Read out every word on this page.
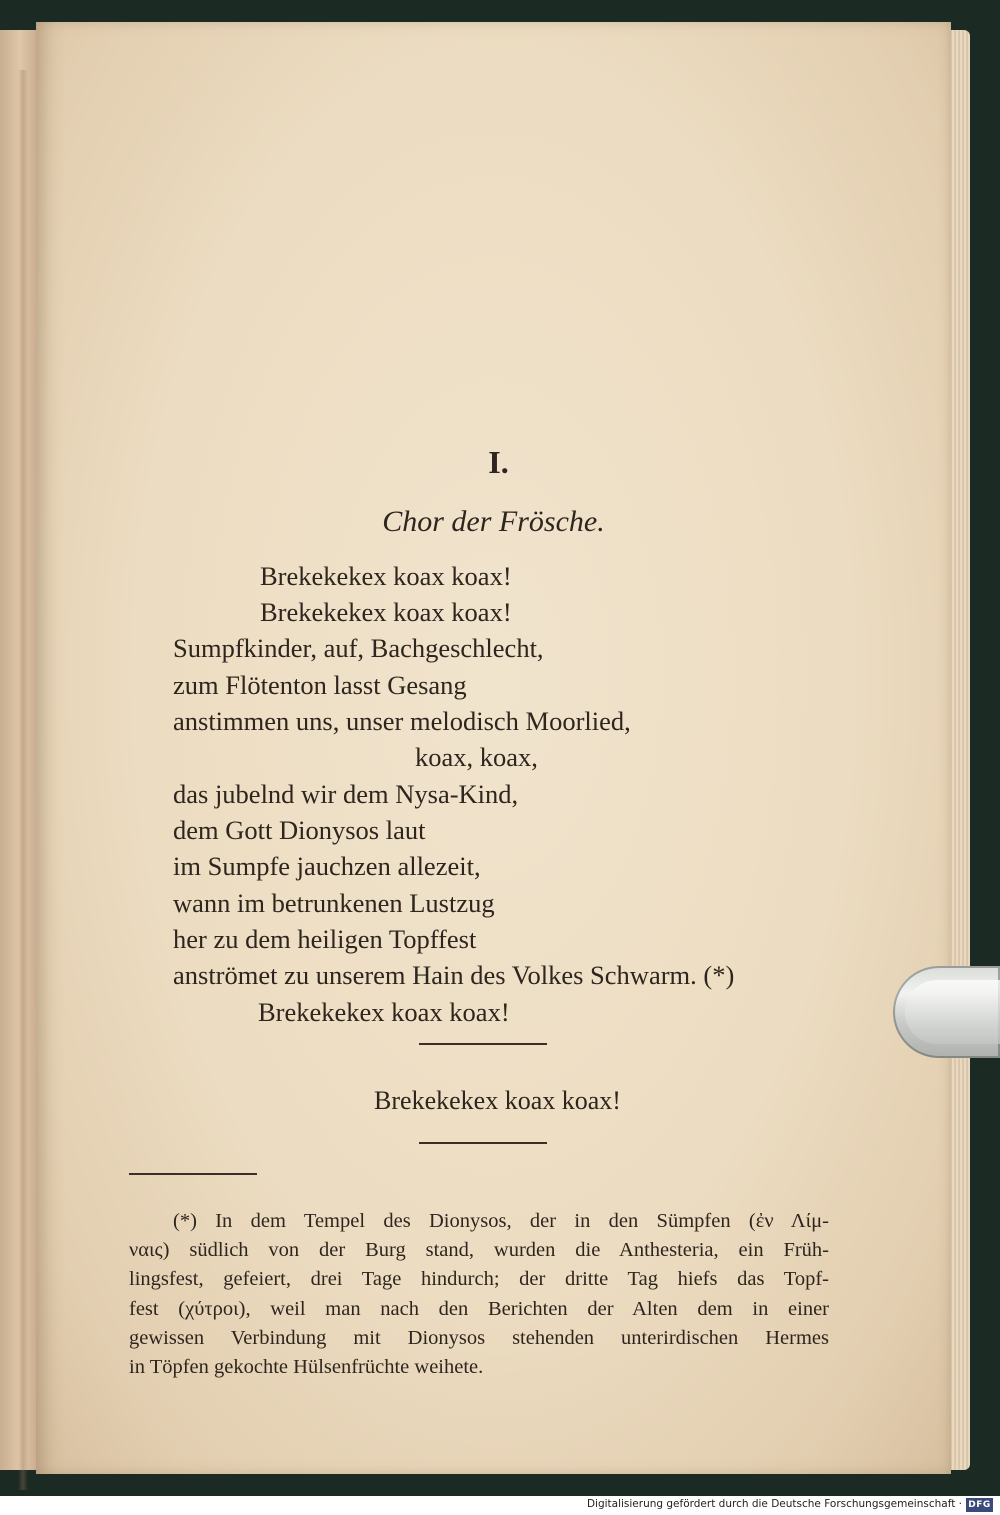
I.
Chor der Frösche.
Brekekekex koax koax!
Brekekekex koax koax!
Sumpfkinder, auf, Bachgeschlecht,
zum Flötenton lasst Gesang
anstimmen uns, unser melodisch Moorlied,
koax, koax,
das jubelnd wir dem Nysa-Kind,
dem Gott Dionysos laut
im Sumpfe jauchzen allezeit,
wann im betrunkenen Lustzug
her zu dem heiligen Topffest
anströmet zu unserem Hain des Volkes Schwarm. (*)
Brekekekex koax koax!
Brekekekex koax koax!
(*) In dem Tempel des Dionysos, der in den Sümpfen (ἐν Λίμ-
ναις) südlich von der Burg stand, wurden die Anthesteria, ein Früh-
lingsfest, gefeiert, drei Tage hindurch; der dritte Tag hiefs das Topf-
fest (χύτροι), weil man nach den Berichten der Alten dem in einer
gewissen Verbindung mit Dionysos stehenden unterirdischen Hermes
in Töpfen gekochte Hülsenfrüchte weihete.
Digitalisierung gefördert durch die Deutsche Forschungsgemeinschaft · DFG
